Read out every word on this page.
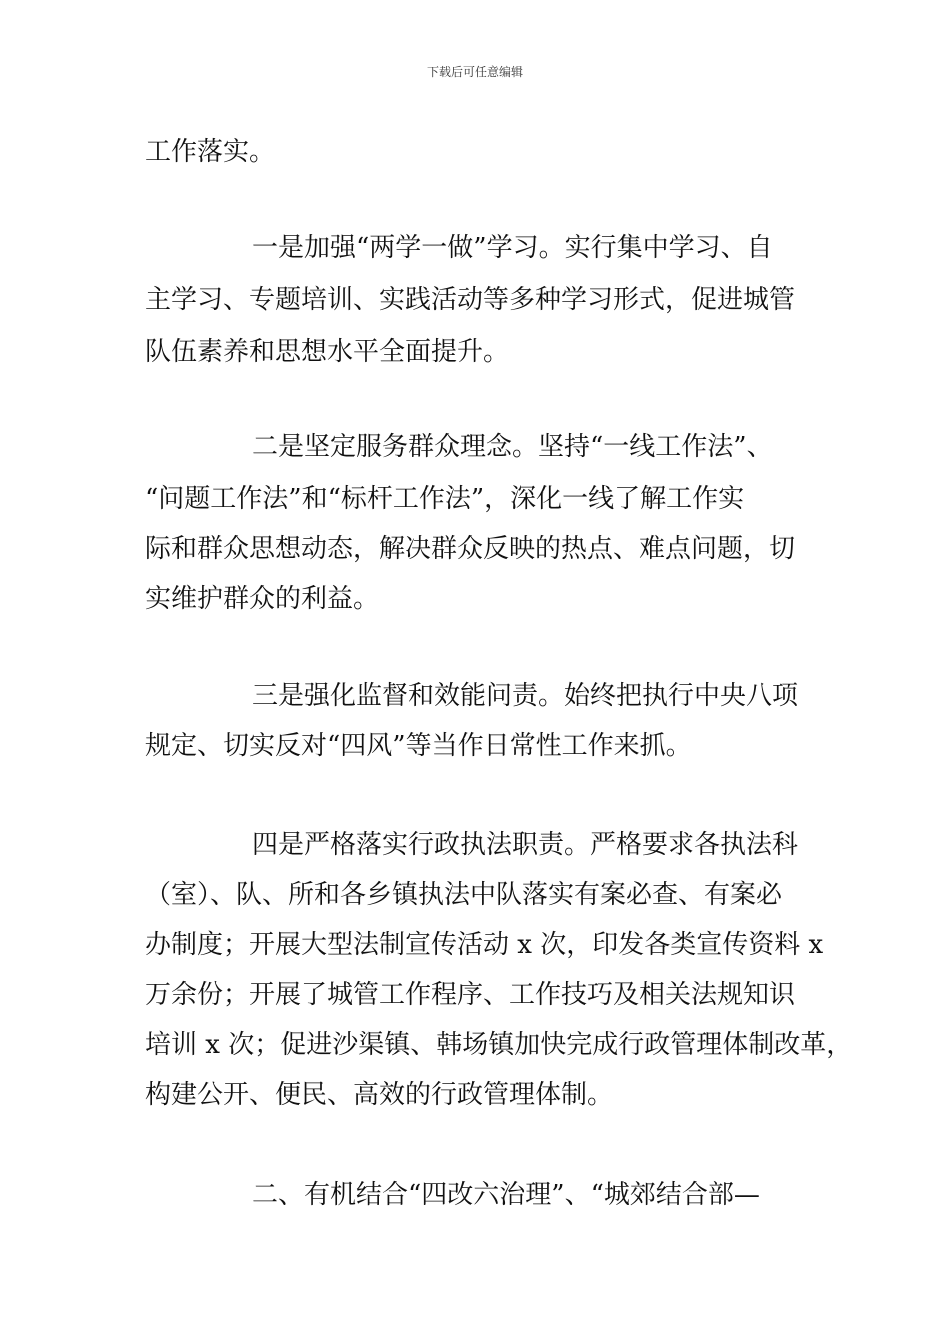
下载后可任意编辑
工作落实。
一是加强“两学一做”学习。实行集中学习、自
主学习、专题培训、实践活动等多种学习形式，促进城管
队伍素养和思想水平全面提升。
二是坚定服务群众理念。坚持“一线工作法”、
“问题工作法”和“标杆工作法”，深化一线了解工作实
际和群众思想动态，解决群众反映的热点、难点问题，切
实维护群众的利益。
三是强化监督和效能问责。始终把执行中央八项
规定、切实反对“四风”等当作日常性工作来抓。
四是严格落实行政执法职责。严格要求各执法科
（室）、队、所和各乡镇执法中队落实有案必查、有案必
办制度；开展大型法制宣传活动 x 次，印发各类宣传资料 x
万余份；开展了城管工作程序、工作技巧及相关法规知识
培训 x 次；促进沙渠镇、韩场镇加快完成行政管理体制改革，
构建公开、便民、高效的行政管理体制。
二、有机结合“四改六治理”、“城郊结合部—
